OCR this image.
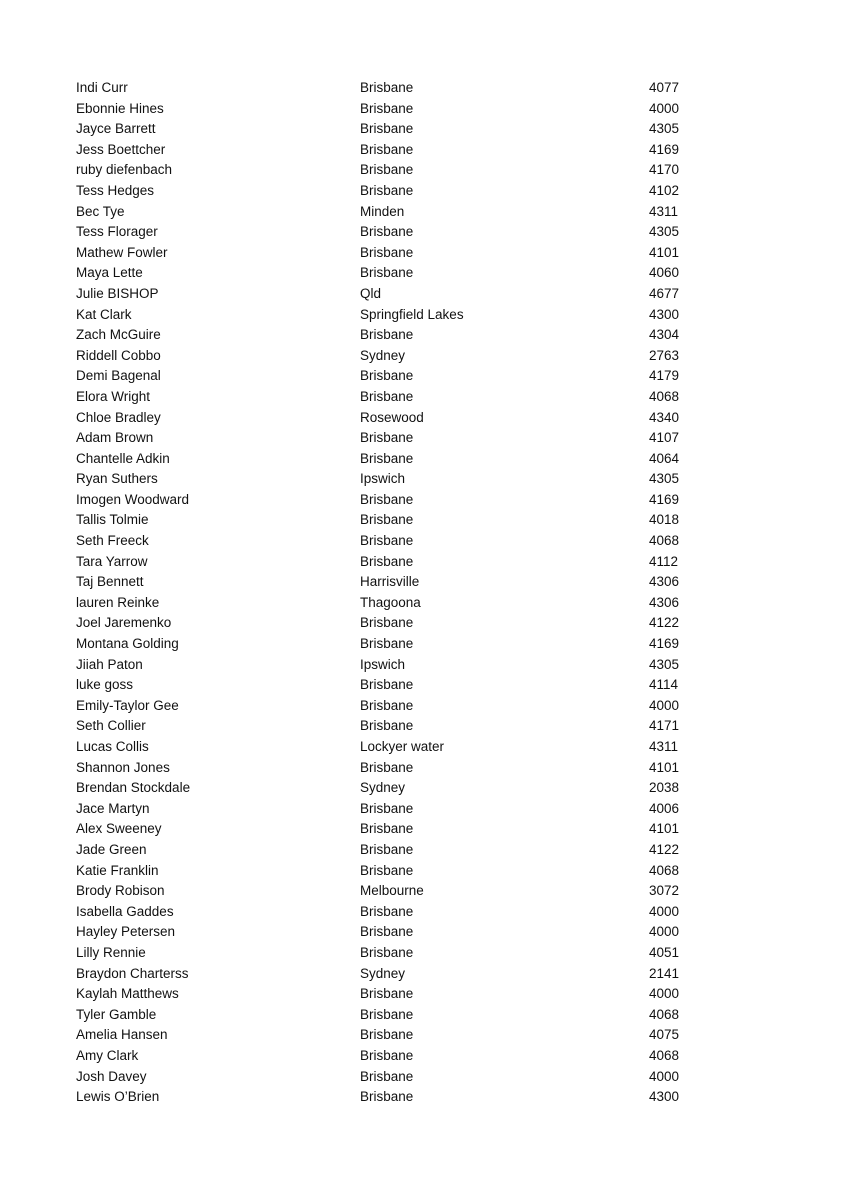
Indi Curr	Brisbane	4077
Ebonnie Hines	Brisbane	4000
Jayce Barrett	Brisbane	4305
Jess Boettcher	Brisbane	4169
ruby diefenbach	Brisbane	4170
Tess Hedges	Brisbane	4102
Bec Tye	Minden	4311
Tess Florager	Brisbane	4305
Mathew Fowler	Brisbane	4101
Maya Lette	Brisbane	4060
Julie BISHOP	Qld	4677
Kat Clark	Springfield Lakes	4300
Zach McGuire	Brisbane	4304
Riddell Cobbo	Sydney	2763
Demi Bagenal	Brisbane	4179
Elora Wright	Brisbane	4068
Chloe Bradley	Rosewood	4340
Adam Brown	Brisbane	4107
Chantelle Adkin	Brisbane	4064
Ryan Suthers	Ipswich	4305
Imogen Woodward	Brisbane	4169
Tallis Tolmie	Brisbane	4018
Seth Freeck	Brisbane	4068
Tara Yarrow	Brisbane	4112
Taj Bennett	Harrisville	4306
lauren Reinke	Thagoona	4306
Joel Jaremenko	Brisbane	4122
Montana Golding	Brisbane	4169
Jiiah Paton	Ipswich	4305
luke goss	Brisbane	4114
Emily-Taylor Gee	Brisbane	4000
Seth Collier	Brisbane	4171
Lucas Collis	Lockyer water	4311
Shannon Jones	Brisbane	4101
Brendan Stockdale	Sydney	2038
Jace Martyn	Brisbane	4006
Alex Sweeney	Brisbane	4101
Jade Green	Brisbane	4122
Katie Franklin	Brisbane	4068
Brody Robison	Melbourne	3072
Isabella Gaddes	Brisbane	4000
Hayley Petersen	Brisbane	4000
Lilly Rennie	Brisbane	4051
Braydon Charterss	Sydney	2141
Kaylah Matthews	Brisbane	4000
Tyler Gamble	Brisbane	4068
Amelia Hansen	Brisbane	4075
Amy Clark	Brisbane	4068
Josh Davey	Brisbane	4000
Lewis O’Brien	Brisbane	4300
